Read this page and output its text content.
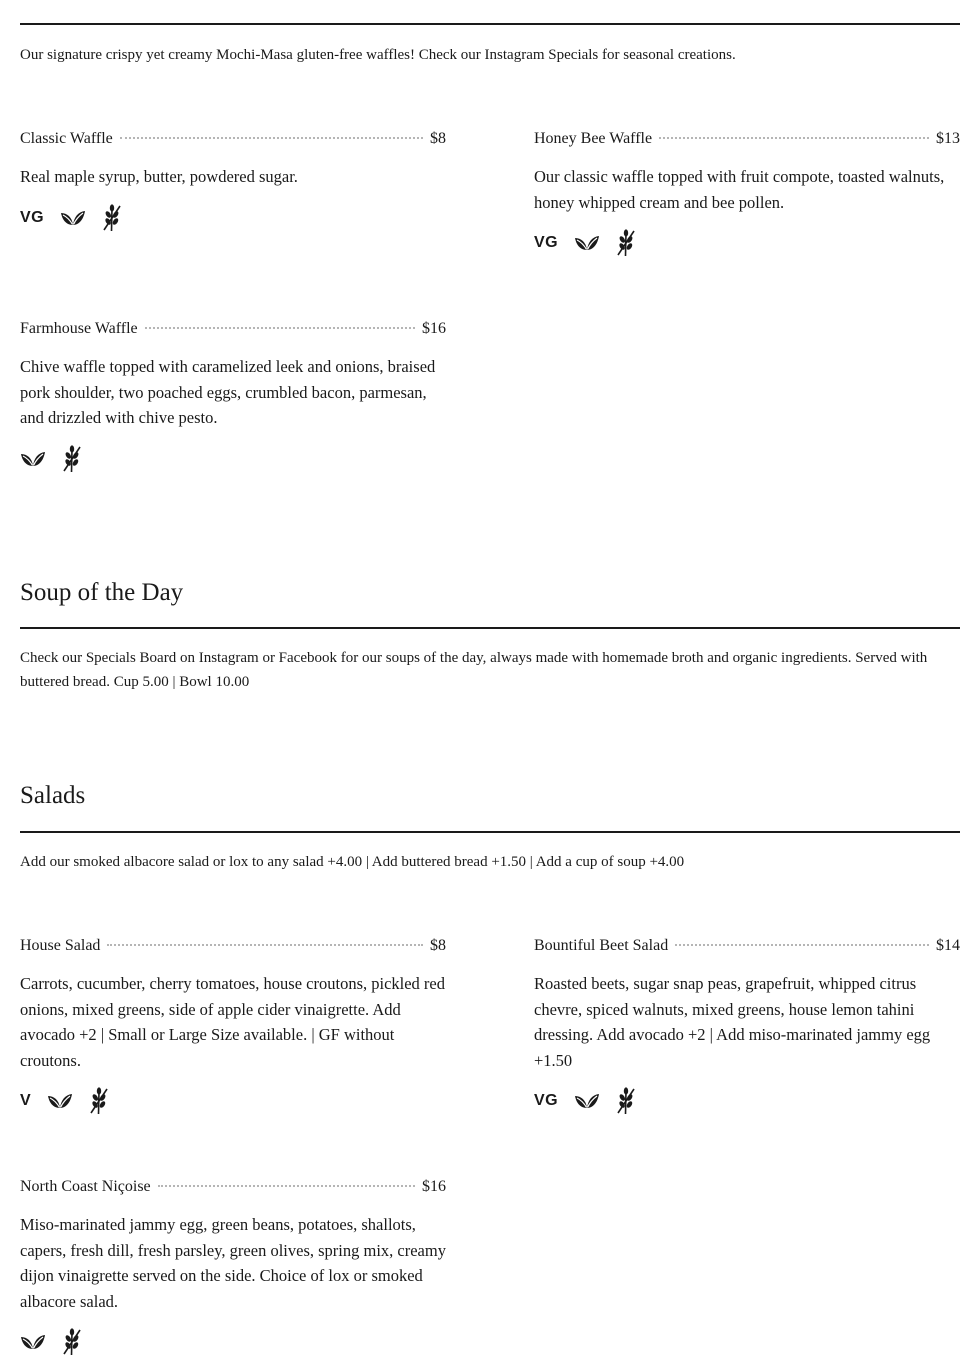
Our signature crispy yet creamy Mochi-Masa gluten-free waffles! Check our Instagram Specials for seasonal creations.

Classic Waffle	$8
Real maple syrup, butter, powdered sugar.
VG
Honey Bee Waffle	$13
Our classic waffle topped with fruit compote, toasted walnuts, honey whipped cream and bee pollen.
VG
Farmhouse Waffle	$16
Chive waffle topped with caramelized leek and onions, braised pork shoulder, two poached eggs, crumbled bacon, parmesan, and drizzled with chive pesto.
Soup of the Day

Check our Specials Board on Instagram or Facebook for our soups of the day, always made with homemade broth and organic ingredients. Served with buttered bread. Cup 5.00 | Bowl 10.00

Salads

Add our smoked albacore salad or lox to any salad +4.00 | Add buttered bread +1.50 | Add a cup of soup +4.00

House Salad	$8
Carrots, cucumber, cherry tomatoes, house croutons, pickled red onions, mixed greens, side of apple cider vinaigrette. Add avocado +2 | Small or Large Size available. | GF without croutons.
V
Bountiful Beet Salad	$14
Roasted beets, sugar snap peas, grapefruit, whipped citrus chevre, spiced walnuts, mixed greens, house lemon tahini dressing. Add avocado +2 | Add miso-marinated jammy egg +1.50
VG
North Coast Niçoise	$16
Miso-marinated jammy egg, green beans, potatoes, shallots, capers, fresh dill, fresh parsley, green olives, spring mix, creamy dijon vinaigrette served on the side. Choice of lox or smoked albacore salad.
